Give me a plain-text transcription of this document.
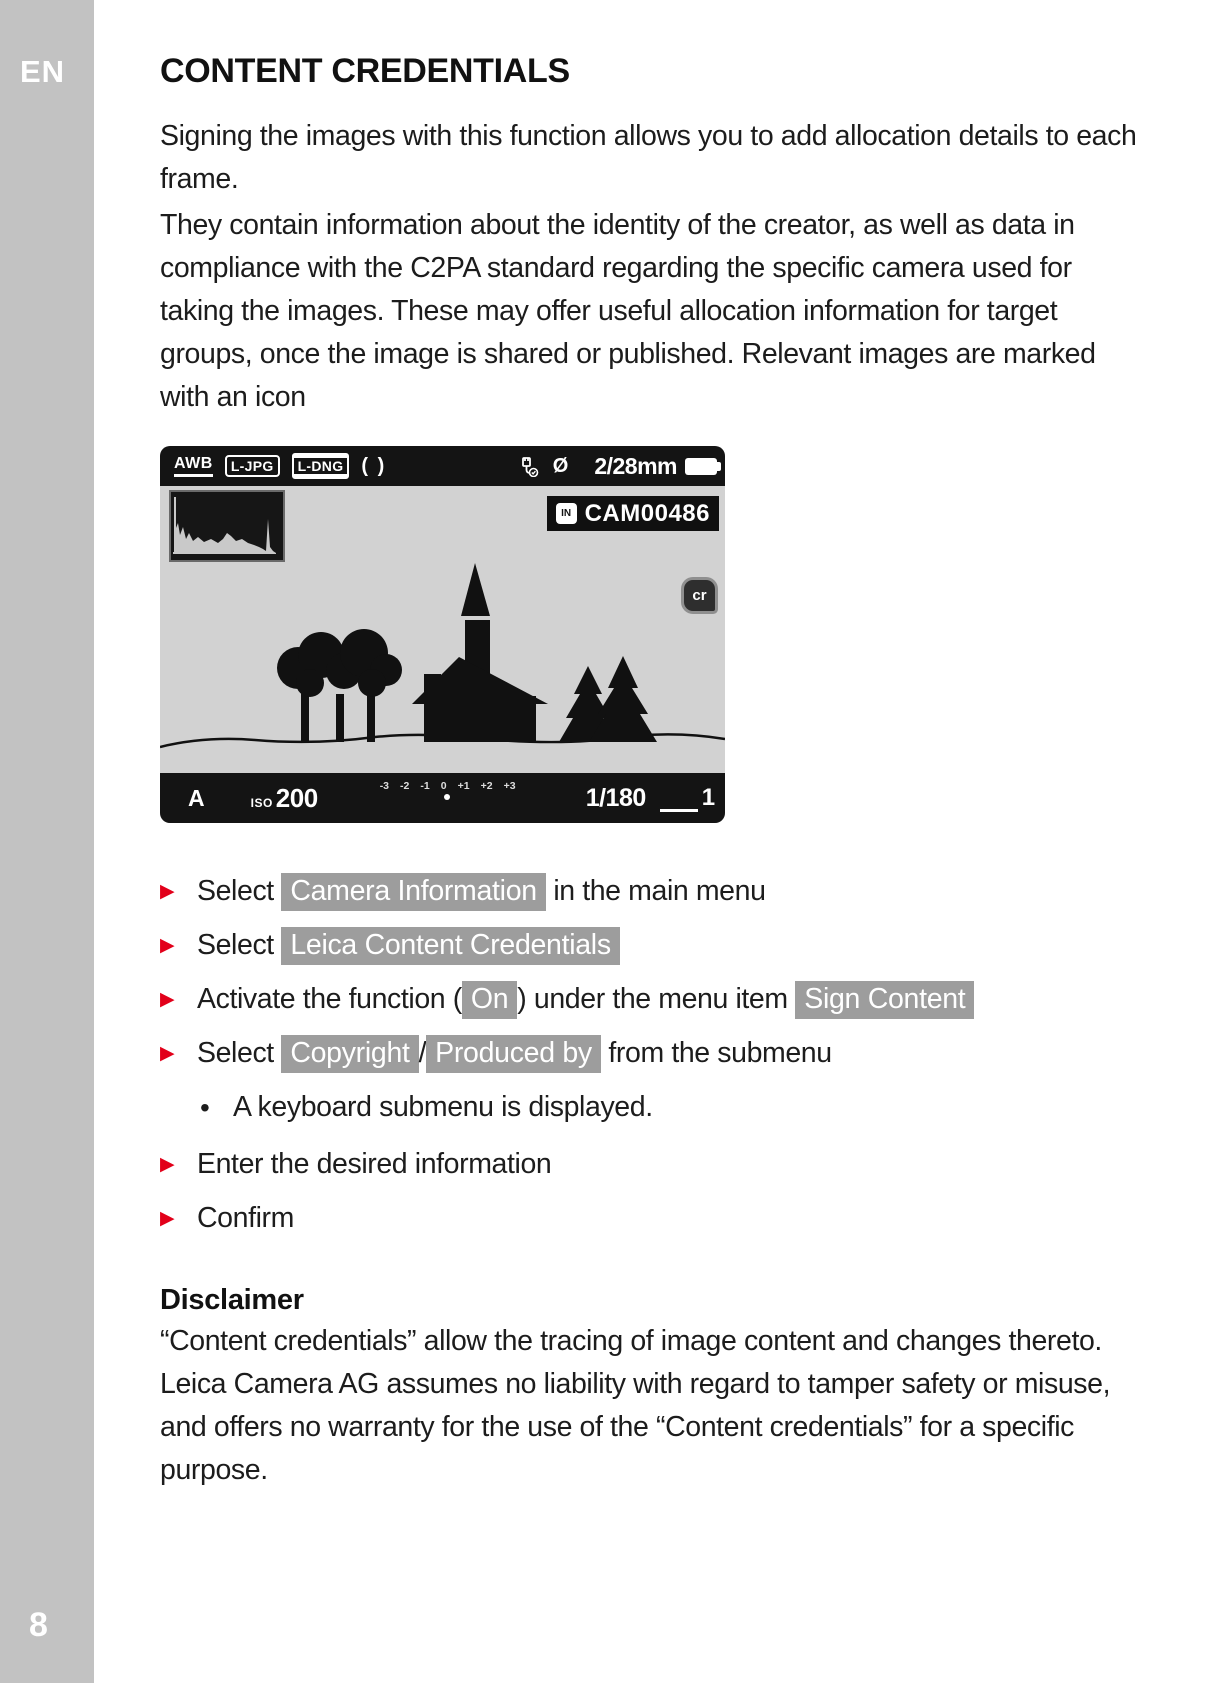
EN
8
CONTENT CREDENTIALS

Signing the images with this function allows you to add allocation details to each frame.

They contain information about the identity of the creator, as well as data in compliance with the C2PA standard regarding the specific camera used for taking the images. These may offer useful allocation information for target groups, once the image is shared or published. Relevant images are marked with an icon

AWB	L-JPG	L-DNG ( )	Ø 2/28mm
IN CAM00486
cr
A	ISO 200	-3 -2 -1 0 +1 +2 +3	1/180 1
▶ Select Camera Information in the main menu
▶ Select Leica Content Credentials
▶ Activate the function ( On ) under the menu item Sign Content
▶ Select Copyright / Produced by from the submenu
• A keyboard submenu is displayed.
▶ Enter the desired information
▶ Confirm

Disclaimer

“Content credentials” allow the tracing of image content and changes thereto. Leica Camera AG assumes no liability with regard to tamper safety or misuse, and offers no warranty for the use of the “Content credentials” for a specific purpose.
